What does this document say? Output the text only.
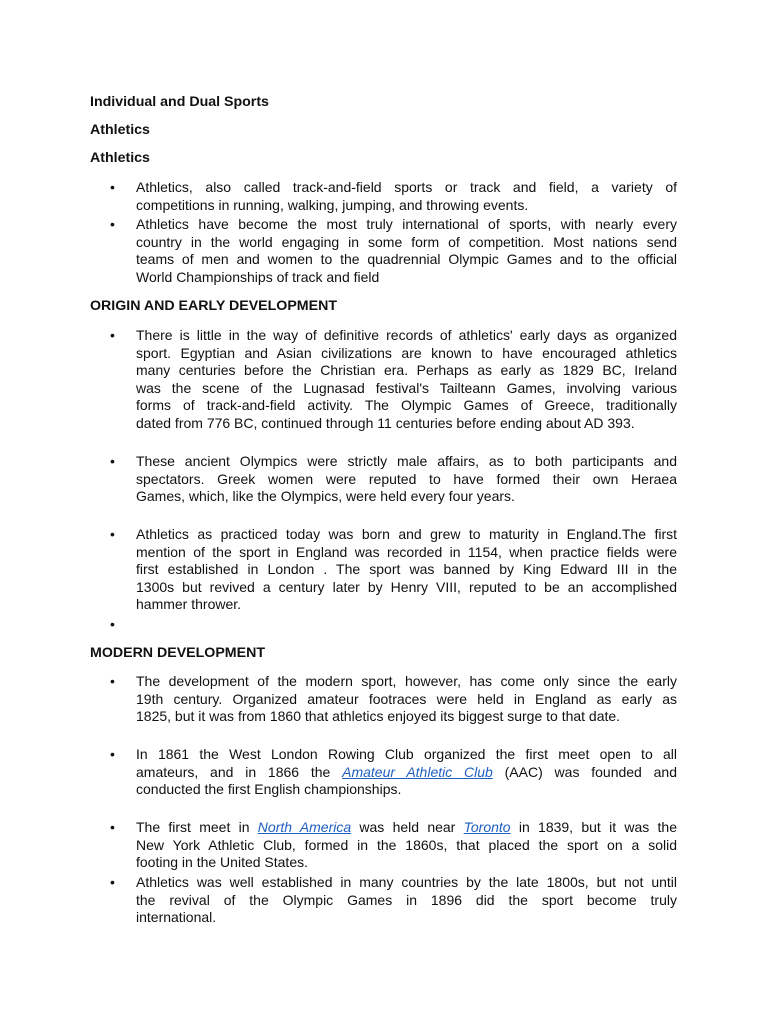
Individual and Dual Sports
Athletics
Athletics
• Athletics, also called track-and-field sports or track and field, a variety of
competitions in running, walking, jumping, and throwing events.

• Athletics have become the most truly international of sports, with nearly every
country in the world engaging in some form of competition. Most nations send
teams of men and women to the quadrennial Olympic Games and to the official
World Championships of track and field

ORIGIN AND EARLY DEVELOPMENT
• There is little in the way of definitive records of athletics' early days as organized
sport. Egyptian and Asian civilizations are known to have encouraged athletics
many centuries before the Christian era. Perhaps as early as 1829 BC, Ireland
was the scene of the Lugnasad festival's Tailteann Games, involving various
forms of track-and-field activity. The Olympic Games of Greece, traditionally
dated from 776 BC, continued through 11 centuries before ending about AD 393.

• These ancient Olympics were strictly male affairs, as to both participants and
spectators. Greek women were reputed to have formed their own Heraea
Games, which, like the Olympics, were held every four years.

• Athletics as practiced today was born and grew to maturity in England.The first
mention of the sport in England was recorded in 1154, when practice fields were
first established in London . The sport was banned by King Edward III in the
1300s but revived a century later by Henry VIII, reputed to be an accomplished
hammer thrower.

•
MODERN DEVELOPMENT
• The development of the modern sport, however, has come only since the early
19th century. Organized amateur footraces were held in England as early as
1825, but it was from 1860 that athletics enjoyed its biggest surge to that date.

• In 1861 the West London Rowing Club organized the first meet open to all
amateurs, and in 1866 the Amateur Athletic Club (AAC) was founded and
conducted the first English championships.

• The first meet in North America was held near Toronto in 1839, but it was the
New York Athletic Club, formed in the 1860s, that placed the sport on a solid
footing in the United States.

• Athletics was well established in many countries by the late 1800s, but not until
the revival of the Olympic Games in 1896 did the sport become truly
international.
